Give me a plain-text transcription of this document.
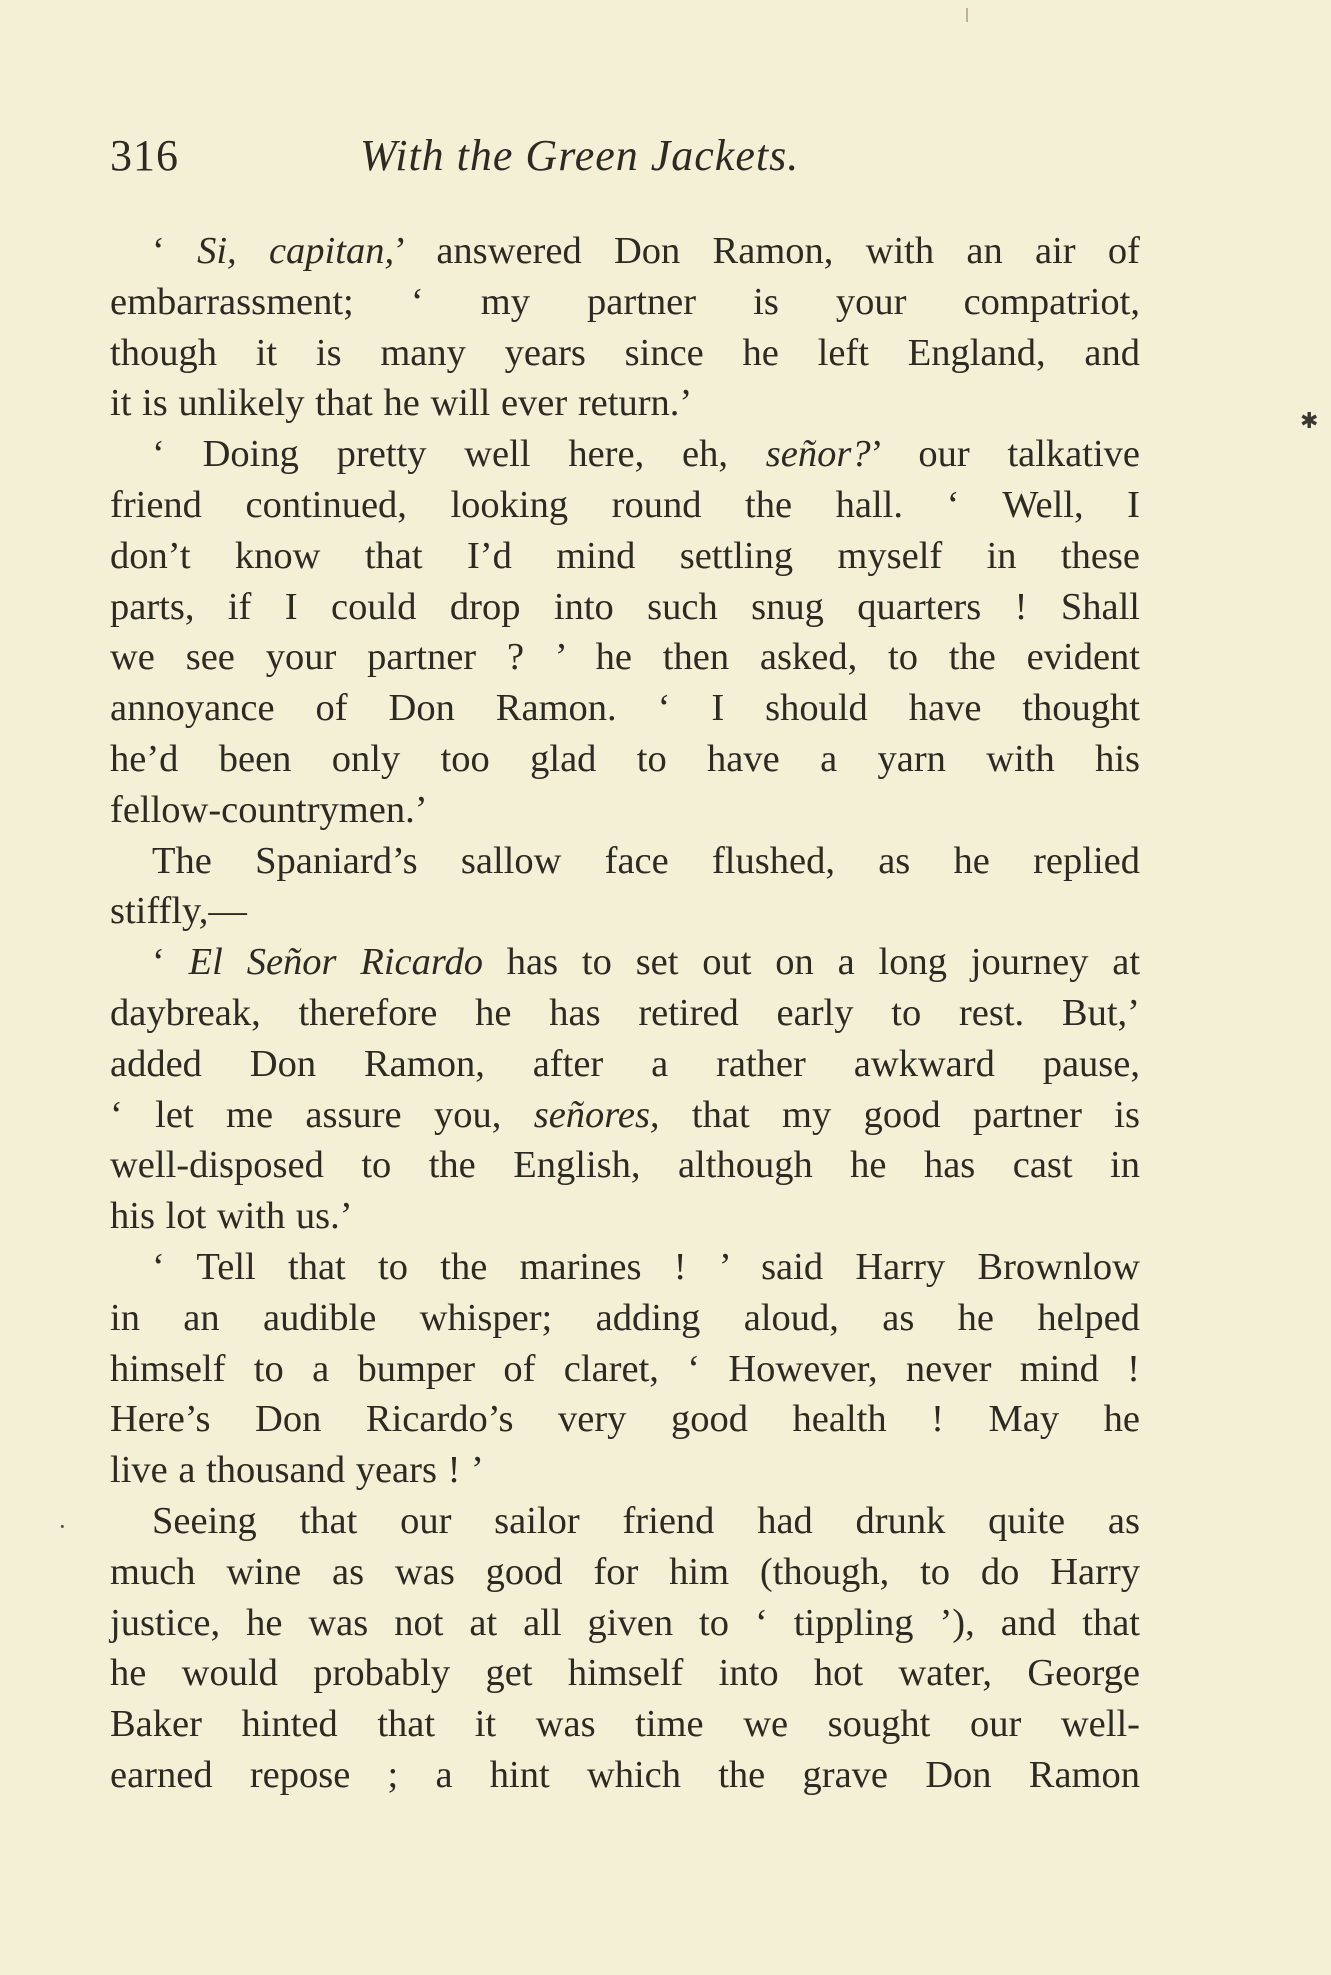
316	With the Green Jackets.
‘ Si, capitan,’ answered Don Ramon, with an air of
embarrassment; ‘ my partner is your compatriot,
though it is many years since he left England, and
it is unlikely that he will ever return.’
‘ Doing pretty well here, eh, señor?’ our talkative
friend continued, looking round the hall. ‘ Well, I
don’t know that I’d mind settling myself in these
parts, if I could drop into such snug quarters ! Shall
we see your partner ? ’ he then asked, to the evident
annoyance of Don Ramon. ‘ I should have thought
he’d been only too glad to have a yarn with his
fellow-countrymen.’
The Spaniard’s sallow face flushed, as he replied
stiffly,—
‘ El Señor Ricardo has to set out on a long journey at
daybreak, therefore he has retired early to rest. But,’
added Don Ramon, after a rather awkward pause,
‘ let me assure you, señores, that my good partner is
well-disposed to the English, although he has cast in
his lot with us.’
‘ Tell that to the marines ! ’ said Harry Brownlow
in an audible whisper; adding aloud, as he helped
himself to a bumper of claret, ‘ However, never mind !
Here’s Don Ricardo’s very good health ! May he
live a thousand years ! ’
Seeing that our sailor friend had drunk quite as
much wine as was good for him (though, to do Harry
justice, he was not at all given to ‘ tippling ’), and that
he would probably get himself into hot water, George
Baker hinted that it was time we sought our well-
earned repose ; a hint which the grave Don Ramon
✱
·
